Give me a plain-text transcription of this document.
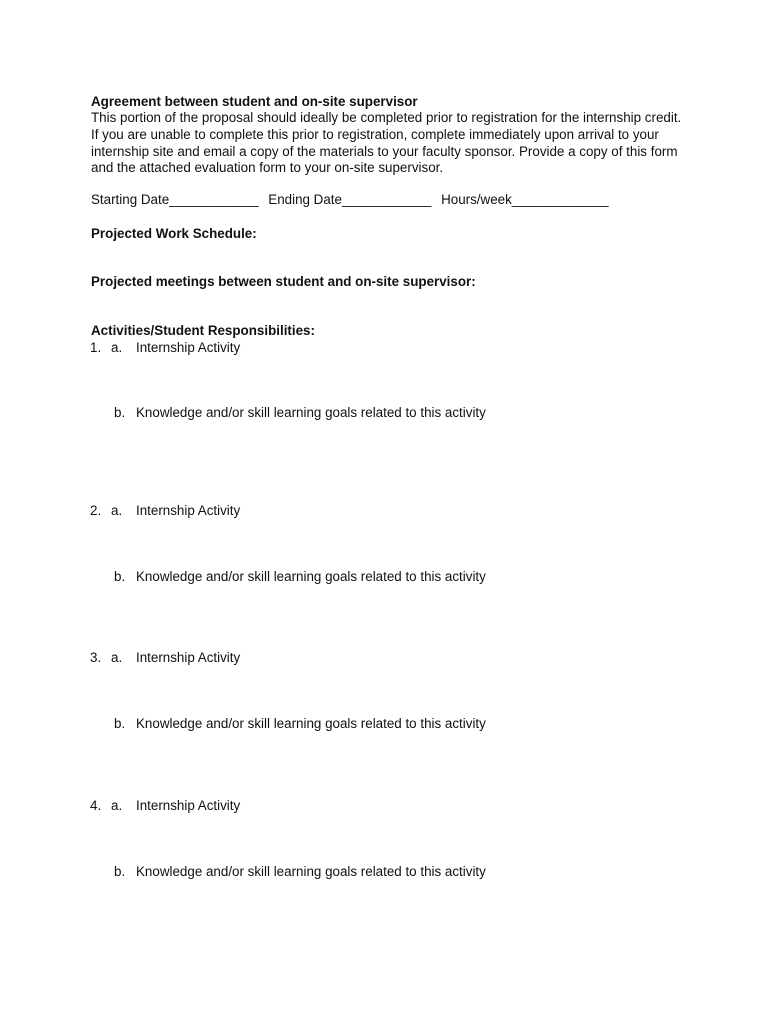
Agreement between student and on-site supervisor
This portion of the proposal should ideally be completed prior to registration for the internship credit. If you are unable to complete this prior to registration, complete immediately upon arrival to your internship site and email a copy of the materials to your faculty sponsor. Provide a copy of this form and the attached evaluation form to your on-site supervisor.
Starting Date____________ Ending Date____________ Hours/week_____________
Projected Work Schedule:
Projected meetings between student and on-site supervisor:
Activities/Student Responsibilities:
1. a. Internship Activity
b. Knowledge and/or skill learning goals related to this activity
2. a. Internship Activity
b. Knowledge and/or skill learning goals related to this activity
3. a. Internship Activity
b. Knowledge and/or skill learning goals related to this activity
4. a. Internship Activity
b. Knowledge and/or skill learning goals related to this activity
